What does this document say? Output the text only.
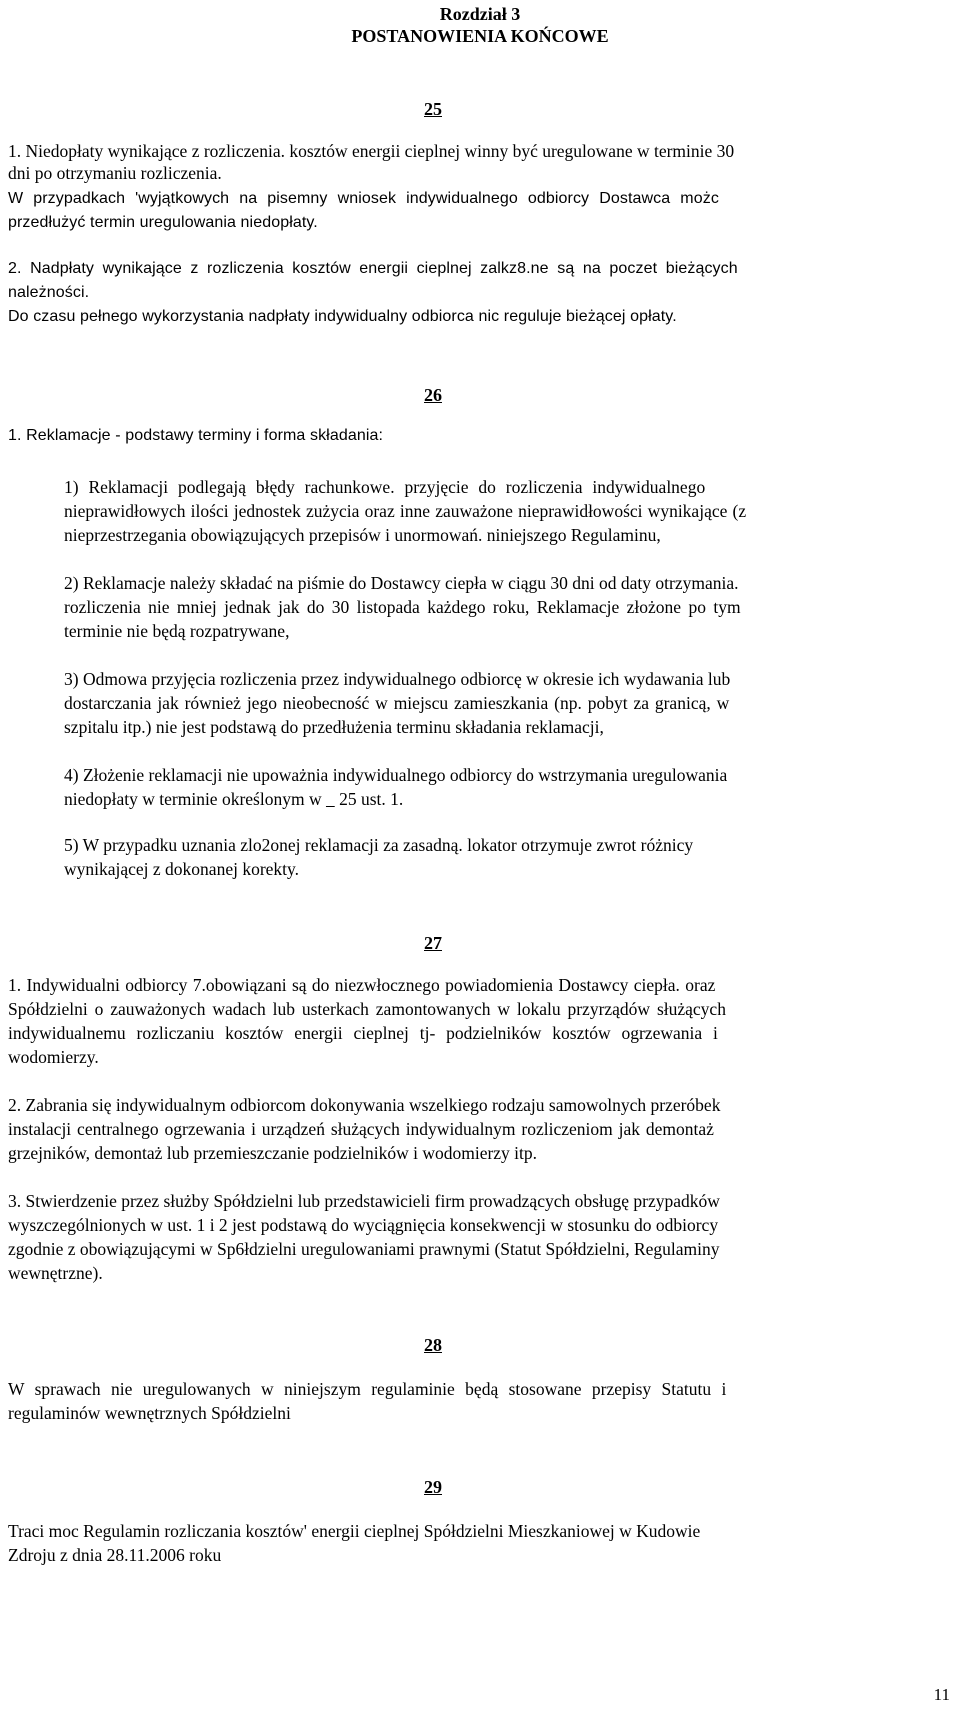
Rozdział 3
POSTANOWIENIA KOŃCOWE
25
1. Niedopłaty wynikające z rozliczenia. kosztów energii cieplnej winny być uregulowane w terminie 30
dni po otrzymaniu rozliczenia.
W przypadkach 'wyjątkowych na pisemny wniosek indywidualnego odbiorcy Dostawca możc
przedłużyć termin uregulowania niedopłaty.
2. Nadpłaty wynikające z rozliczenia kosztów energii cieplnej zalkz8.ne są na poczet bieżących
należności.
Do czasu pełnego wykorzystania nadpłaty indywidualny odbiorca nic reguluje bieżącej opłaty.
26
1. Reklamacje - podstawy terminy i forma składania:
1) Reklamacji podlegają błędy rachunkowe. przyjęcie do rozliczenia indywidualnego
nieprawidłowych ilości jednostek zużycia oraz inne zauważone nieprawidłowości wynikające (z
nieprzestrzegania obowiązujących przepisów i unormowań. niniejszego Regulaminu,
2) Reklamacje należy składać na piśmie do Dostawcy ciepła w ciągu 30 dni od daty otrzymania.
rozliczenia nie mniej jednak jak do 30 listopada każdego roku, Reklamacje złożone po tym
terminie nie będą rozpatrywane,
3) Odmowa przyjęcia rozliczenia przez indywidualnego odbiorcę w okresie ich wydawania lub
dostarczania jak również jego nieobecność w miejscu zamieszkania (np. pobyt za granicą, w
szpitalu itp.) nie jest podstawą do przedłużenia terminu składania reklamacji,
4) Złożenie reklamacji nie upoważnia indywidualnego odbiorcy do wstrzymania uregulowania
niedopłaty w terminie określonym w 25 ust. 1.
5) W przypadku uznania zlo2onej reklamacji za zasadną. lokator otrzymuje zwrot różnicy
wynikającej z dokonanej korekty.
27
1. Indywidualni odbiorcy 7.obowiązani są do niezwłocznego powiadomienia Dostawcy ciepła. oraz
Spółdzielni o zauważonych wadach lub usterkach zamontowanych w lokalu przyrządów służących
indywidualnemu rozliczaniu kosztów energii cieplnej tj- podzielników kosztów ogrzewania i
wodomierzy.
2. Zabrania się indywidualnym odbiorcom dokonywania wszelkiego rodzaju samowolnych przeróbek
instalacji centralnego ogrzewania i urządzeń służących indywidualnym rozliczeniom jak demontaż
grzejników, demontaż lub przemieszczanie podzielników i wodomierzy itp.
3. Stwierdzenie przez służby Spółdzielni lub przedstawicieli firm prowadzących obsługę przypadków
wyszczególnionych w ust. 1 i 2 jest podstawą do wyciągnięcia konsekwencji w stosunku do odbiorcy
zgodnie z obowiązującymi w Sp6łdzielni uregulowaniami prawnymi (Statut Spółdzielni, Regulaminy
wewnętrzne).
28
W sprawach nie uregulowanych w niniejszym regulaminie będą stosowane przepisy Statutu i
regulaminów wewnętrznych Spółdzielni
29
Traci moc Regulamin rozliczania kosztów' energii cieplnej Spółdzielni Mieszkaniowej w Kudowie
Zdroju z dnia 28.11.2006 roku
11
